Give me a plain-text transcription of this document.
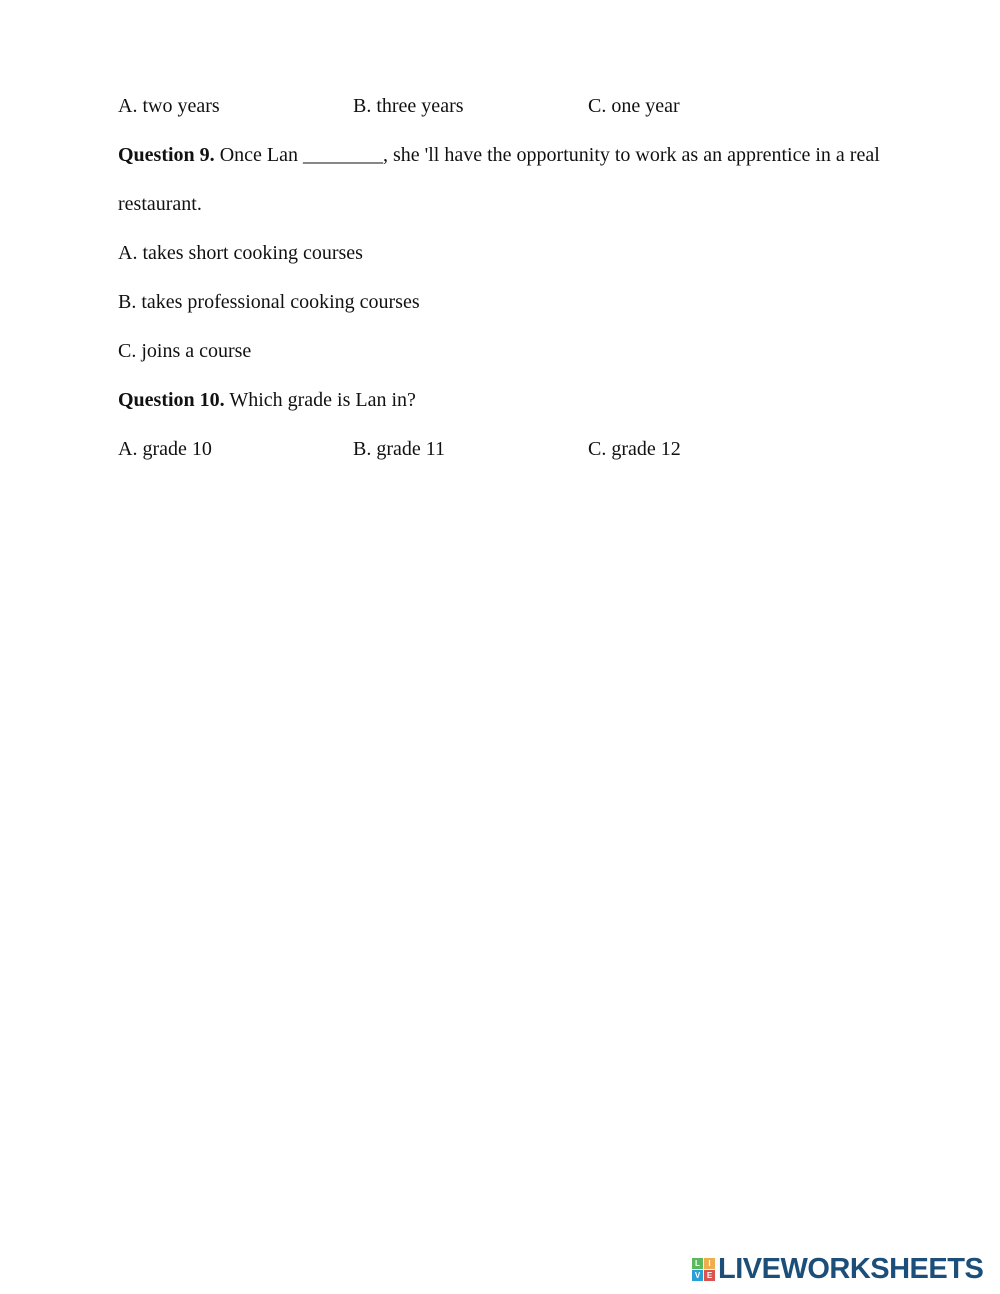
A. two years	B. three years	C. one year
Question 9. Once Lan ________, she 'll have the opportunity to work as an apprentice in a real
restaurant.
A. takes short cooking courses
B. takes professional cooking courses
C. joins a course
Question 10. Which grade is Lan in?
A. grade 10	B. grade 11	C. grade 12
L	I
V E LIVEWORKSHEETS
